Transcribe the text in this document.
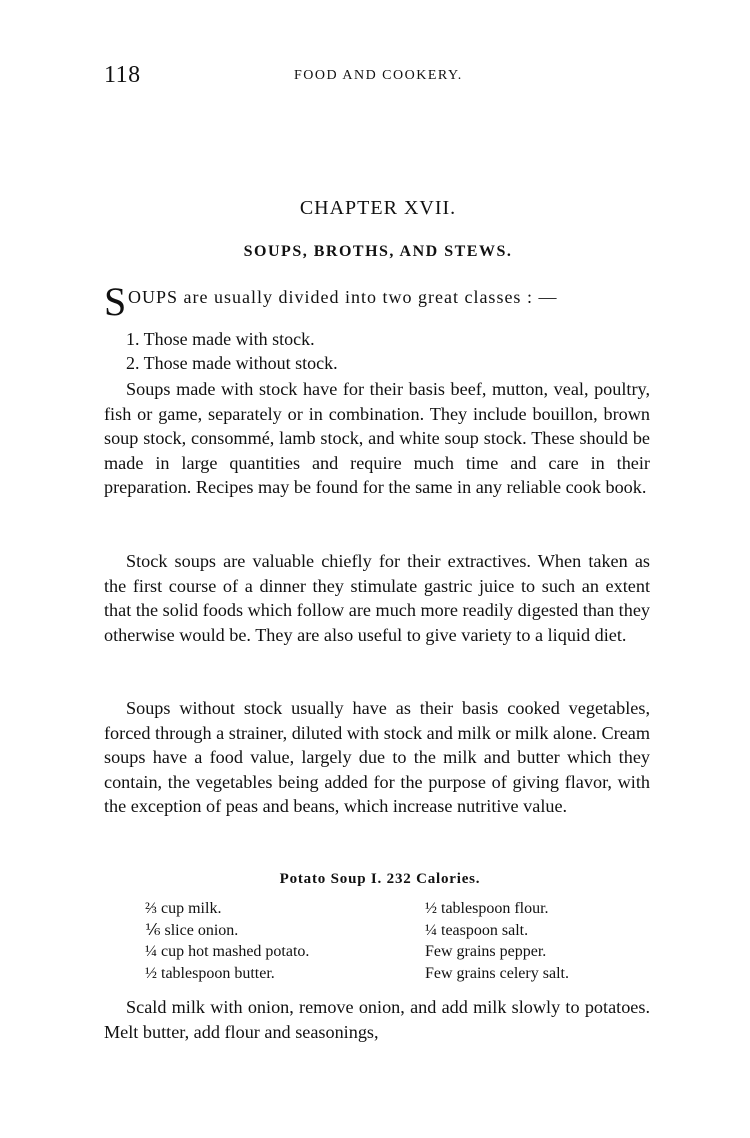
118	FOOD AND COOKERY.
CHAPTER XVII.
SOUPS, BROTHS, AND STEWS.
S OUPS are usually divided into two great classes : —
1. Those made with stock.
2. Those made without stock.

Soups made with stock have for their basis beef, mutton, veal, poultry, fish or game, separately or in combination. They include bouillon, brown soup stock, consommé, lamb stock, and white soup stock. These should be made in large quantities and require much time and care in their preparation. Recipes may be found for the same in any reliable cook book.

Stock soups are valuable chiefly for their extractives. When taken as the first course of a dinner they stimulate gastric juice to such an extent that the solid foods which follow are much more readily digested than they otherwise would be. They are also useful to give variety to a liquid diet.

Soups without stock usually have as their basis cooked vegetables, forced through a strainer, diluted with stock and milk or milk alone. Cream soups have a food value, largely due to the milk and butter which they contain, the vegetables being added for the purpose of giving flavor, with the exception of peas and beans, which increase nutritive value.

Potato Soup I. 232 Calories.
⅔ cup milk.
⅙ slice onion.
¼ cup hot mashed potato.
½ tablespoon butter.
½ tablespoon flour.
¼ teaspoon salt.
Few grains pepper.
Few grains celery salt.

Scald milk with onion, remove onion, and add milk slowly to potatoes. Melt butter, add flour and seasonings,
